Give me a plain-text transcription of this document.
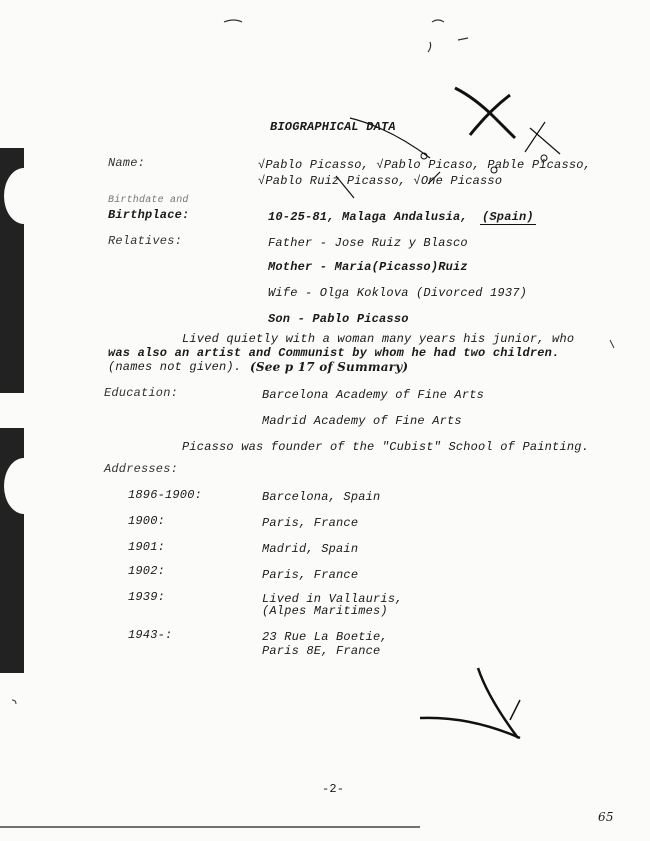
BIOGRAPHICAL DATA
Name:	√Pablo Picasso, √Pablo Picaso, Pable Picasso,
√Pablo Ruiz Picasso, √One Picasso
Birthdate and
Birthplace:	10-25-81, Malaga Andalusia, (Spain)
Relatives:	Father - Jose Ruiz y Blasco
Mother - Maria(Picasso)Ruiz
Wife - Olga Koklova (Divorced 1937)
Son - Pablo Picasso
Lived quietly with a woman many years his junior, who
was also an artist and Communist by whom he had two children.
(names not given). (See p 17 of Summary)
Education:	Barcelona Academy of Fine Arts
Madrid Academy of Fine Arts
Picasso was founder of the "Cubist" School of Painting.
Addresses:
1896-1900:	Barcelona, Spain
1900:	Paris, France
1901:	Madrid, Spain
1902:	Paris, France
1939:	Lived in Vallauris,
(Alpes Maritimes)
1943-:	23 Rue La Boetie,
Paris 8E, France
-2-
65
